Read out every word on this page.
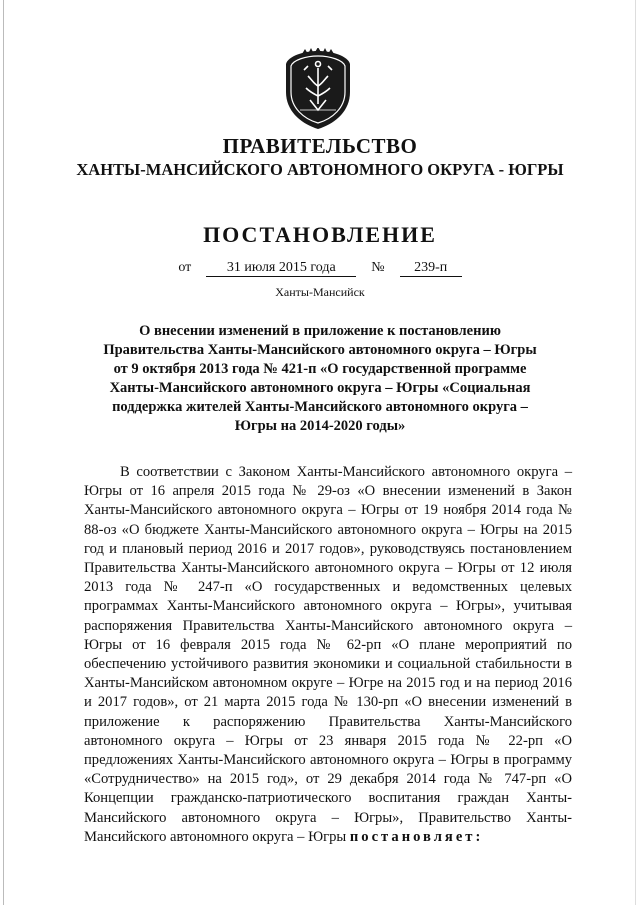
ПРАВИТЕЛЬСТВО
ХАНТЫ-МАНСИЙСКОГО АВТОНОМНОГО ОКРУГА - ЮГРЫ
ПОСТАНОВЛЕНИЕ
от	31 июля 2015 года	№ 239-п
Ханты-Мансийск
О внесении изменений в приложение к постановлению Правительства Ханты-Мансийского автономного округа – Югры от 9 октября 2013 года № 421-п «О государственной программе Ханты-Мансийского автономного округа – Югры «Социальная поддержка жителей Ханты-Мансийского автономного округа – Югры на 2014-2020 годы»
В соответствии с Законом Ханты-Мансийского автономного округа – Югры от 16 апреля 2015 года № 29-оз «О внесении изменений в Закон Ханты-Мансийского автономного округа – Югры от 19 ноября 2014 года № 88-оз «О бюджете Ханты-Мансийского автономного округа – Югры на 2015 год и плановый период 2016 и 2017 годов», руководствуясь постановлением Правительства Ханты-Мансийского автономного округа – Югры от 12 июля 2013 года № 247-п «О государственных и ведомственных целевых программах Ханты-Мансийского автономного округа – Югры», учитывая распоряжения Правительства Ханты-Мансийского автономного округа – Югры от 16 февраля 2015 года № 62-рп «О плане мероприятий по обеспечению устойчивого развития экономики и социальной стабильности в Ханты-Мансийском автономном округе – Югре на 2015 год и на период 2016 и 2017 годов», от 21 марта 2015 года № 130-рп «О внесении изменений в приложение к распоряжению Правительства Ханты-Мансийского автономного округа – Югры от 23 января 2015 года № 22-рп «О предложениях Ханты-Мансийского автономного округа – Югры в программу «Сотрудничество» на 2015 год», от 29 декабря 2014 года № 747-рп «О Концепции гражданско-патриотического воспитания граждан Ханты-Мансийского автономного округа – Югры», Правительство Ханты-Мансийского автономного округа – Югры постановляет:
